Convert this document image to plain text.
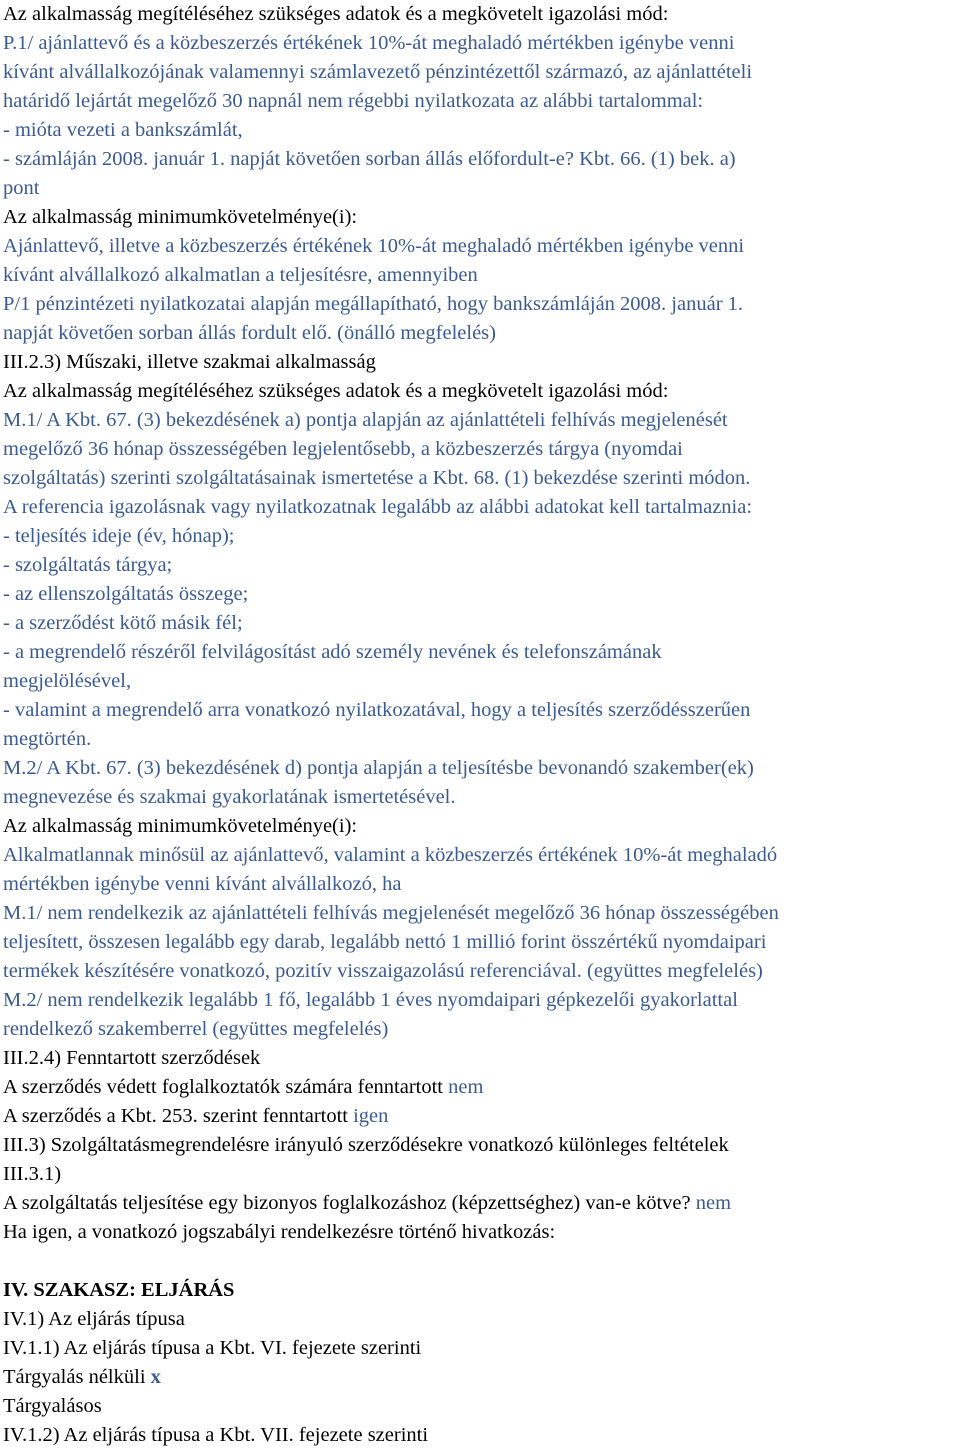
Az alkalmasság megítéléséhez szükséges adatok és a megkövetelt igazolási mód:
P.1/ ajánlattevő és a közbeszerzés értékének 10%-át meghaladó mértékben igénybe venni
kívánt alvállalkozójának valamennyi számlavezető pénzintézettől származó, az ajánlattételi
határidő lejártát megelőző 30 napnál nem régebbi nyilatkozata az alábbi tartalommal:
- mióta vezeti a bankszámlát,
- számláján 2008. január 1. napját követően sorban állás előfordult-e? Kbt. 66. (1) bek. a)
pont
Az alkalmasság minimumkövetelménye(i):
Ajánlattevő, illetve a közbeszerzés értékének 10%-át meghaladó mértékben igénybe venni
kívánt alvállalkozó alkalmatlan a teljesítésre, amennyiben
P/1 pénzintézeti nyilatkozatai alapján megállapítható, hogy bankszámláján 2008. január 1.
napját követően sorban állás fordult elő. (önálló megfelelés)
III.2.3) Műszaki, illetve szakmai alkalmasság
Az alkalmasság megítéléséhez szükséges adatok és a megkövetelt igazolási mód:
M.1/ A Kbt. 67. (3) bekezdésének a) pontja alapján az ajánlattételi felhívás megjelenését
megelőző 36 hónap összességében legjelentősebb, a közbeszerzés tárgya (nyomdai
szolgáltatás) szerinti szolgáltatásainak ismertetése a Kbt. 68. (1) bekezdése szerinti módon.
A referencia igazolásnak vagy nyilatkozatnak legalább az alábbi adatokat kell tartalmaznia:
- teljesítés ideje (év, hónap);
- szolgáltatás tárgya;
- az ellenszolgáltatás összege;
- a szerződést kötő másik fél;
- a megrendelő részéről felvilágosítást adó személy nevének és telefonszámának
megjelölésével,
- valamint a megrendelő arra vonatkozó nyilatkozatával, hogy a teljesítés szerződésszerűen
megtörtén.
M.2/ A Kbt. 67. (3) bekezdésének d) pontja alapján a teljesítésbe bevonandó szakember(ek)
megnevezése és szakmai gyakorlatának ismertetésével.
Az alkalmasság minimumkövetelménye(i):
Alkalmatlannak minősül az ajánlattevő, valamint a közbeszerzés értékének 10%-át meghaladó
mértékben igénybe venni kívánt alvállalkozó, ha
M.1/ nem rendelkezik az ajánlattételi felhívás megjelenését megelőző 36 hónap összességében
teljesített, összesen legalább egy darab, legalább nettó 1 millió forint összértékű nyomdaipari
termékek készítésére vonatkozó, pozitív visszaigazolású referenciával. (együttes megfelelés)
M.2/ nem rendelkezik legalább 1 fő, legalább 1 éves nyomdaipari gépkezelői gyakorlattal
rendelkező szakemberrel (együttes megfelelés)
III.2.4) Fenntartott szerződések
A szerződés védett foglalkoztatók számára fenntartott nem
A szerződés a Kbt. 253. szerint fenntartott igen
III.3) Szolgáltatásmegrendelésre irányuló szerződésekre vonatkozó különleges feltételek
III.3.1)
A szolgáltatás teljesítése egy bizonyos foglalkozáshoz (képzettséghez) van-e kötve? nem
Ha igen, a vonatkozó jogszabályi rendelkezésre történő hivatkozás:
IV. SZAKASZ: ELJÁRÁS
IV.1) Az eljárás típusa
IV.1.1) Az eljárás típusa a Kbt. VI. fejezete szerinti
Tárgyalás nélküli x
Tárgyalásos
IV.1.2) Az eljárás típusa a Kbt. VII. fejezete szerinti
